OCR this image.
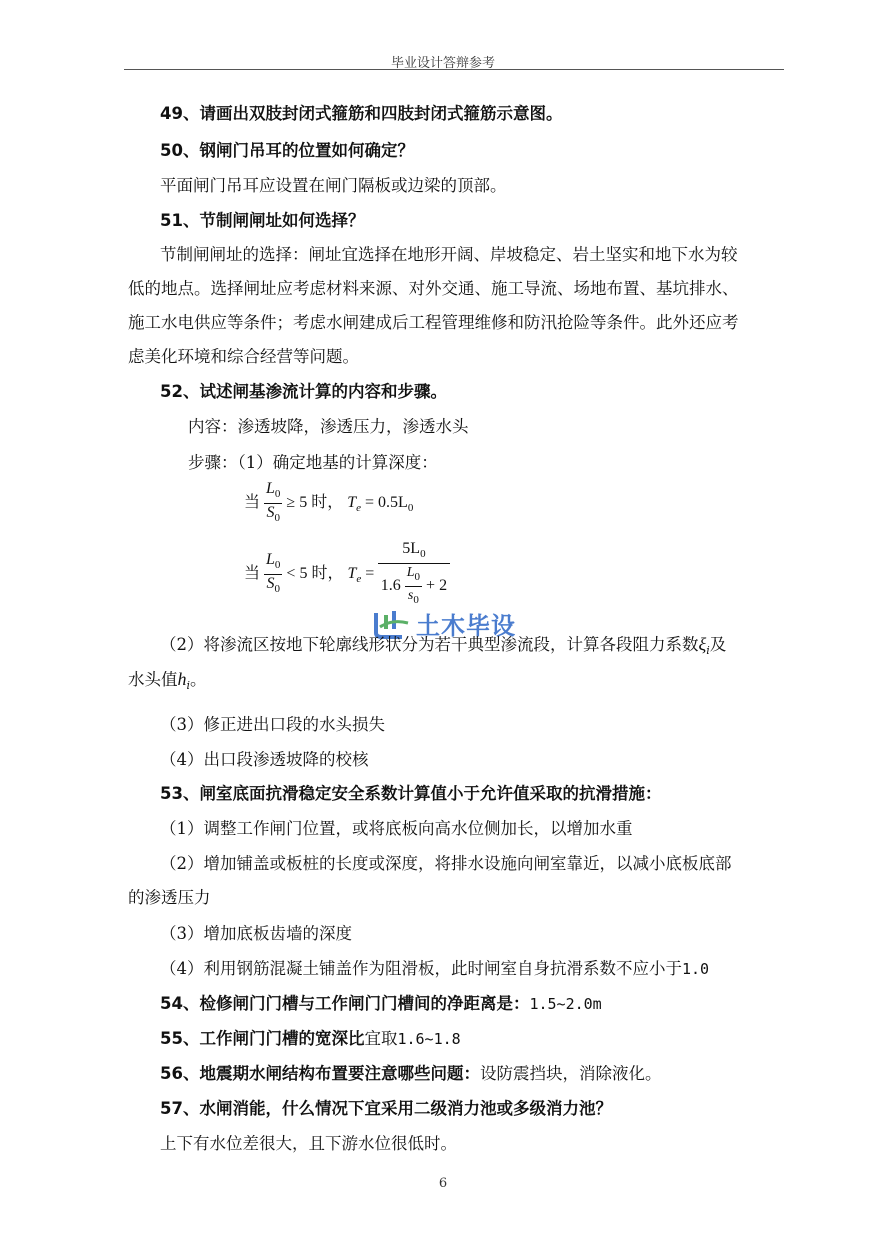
毕业设计答辩参考
49、请画出双肢封闭式箍筋和四肢封闭式箍筋示意图。
50、钢闸门吊耳的位置如何确定？
平面闸门吊耳应设置在闸门隔板或边梁的顶部。
51、节制闸闸址如何选择？
节制闸闸址的选择：闸址宜选择在地形开阔、岸坡稳定、岩土坚实和地下水为较
低的地点。选择闸址应考虑材料来源、对外交通、施工导流、场地布置、基坑排水、
施工水电供应等条件；考虑水闸建成后工程管理维修和防汛抢险等条件。此外还应考
虑美化环境和综合经营等问题。
52、试述闸基渗流计算的内容和步骤。
内容：渗透坡降，渗透压力，渗透水头
步骤：（1）确定地基的计算深度：
当 $\frac{L_0}{S_0} \ge 5$ 时， $T_e = 0.5L_0$
当 $\frac{L_0}{S_0} < 5$ 时， $T_e = \frac{5L_0}{1.6 \frac{L_0}{s_0} + 2}$
土木毕设
（2）将渗流区按地下轮廓线形状分为若干典型渗流段，计算各段阻力系数$\xi_i$及
水头值$h_i$。
（3）修正进出口段的水头损失
（4）出口段渗透坡降的校核
53、闸室底面抗滑稳定安全系数计算值小于允许值采取的抗滑措施：
（1）调整工作闸门位置，或将底板向高水位侧加长，以增加水重
（2）增加铺盖或板桩的长度或深度，将排水设施向闸室靠近，以减小底板底部
的渗透压力
（3）增加底板齿墙的深度
（4）利用钢筋混凝土铺盖作为阻滑板，此时闸室自身抗滑系数不应小于1.0
54、检修闸门门槽与工作闸门门槽间的净距离是：1.5~2.0m
55、工作闸门门槽的宽深比宜取1.6~1.8
56、地震期水闸结构布置要注意哪些问题：设防震挡块，消除液化。
57、水闸消能，什么情况下宜采用二级消力池或多级消力池？
上下有水位差很大，且下游水位很低时。
6
